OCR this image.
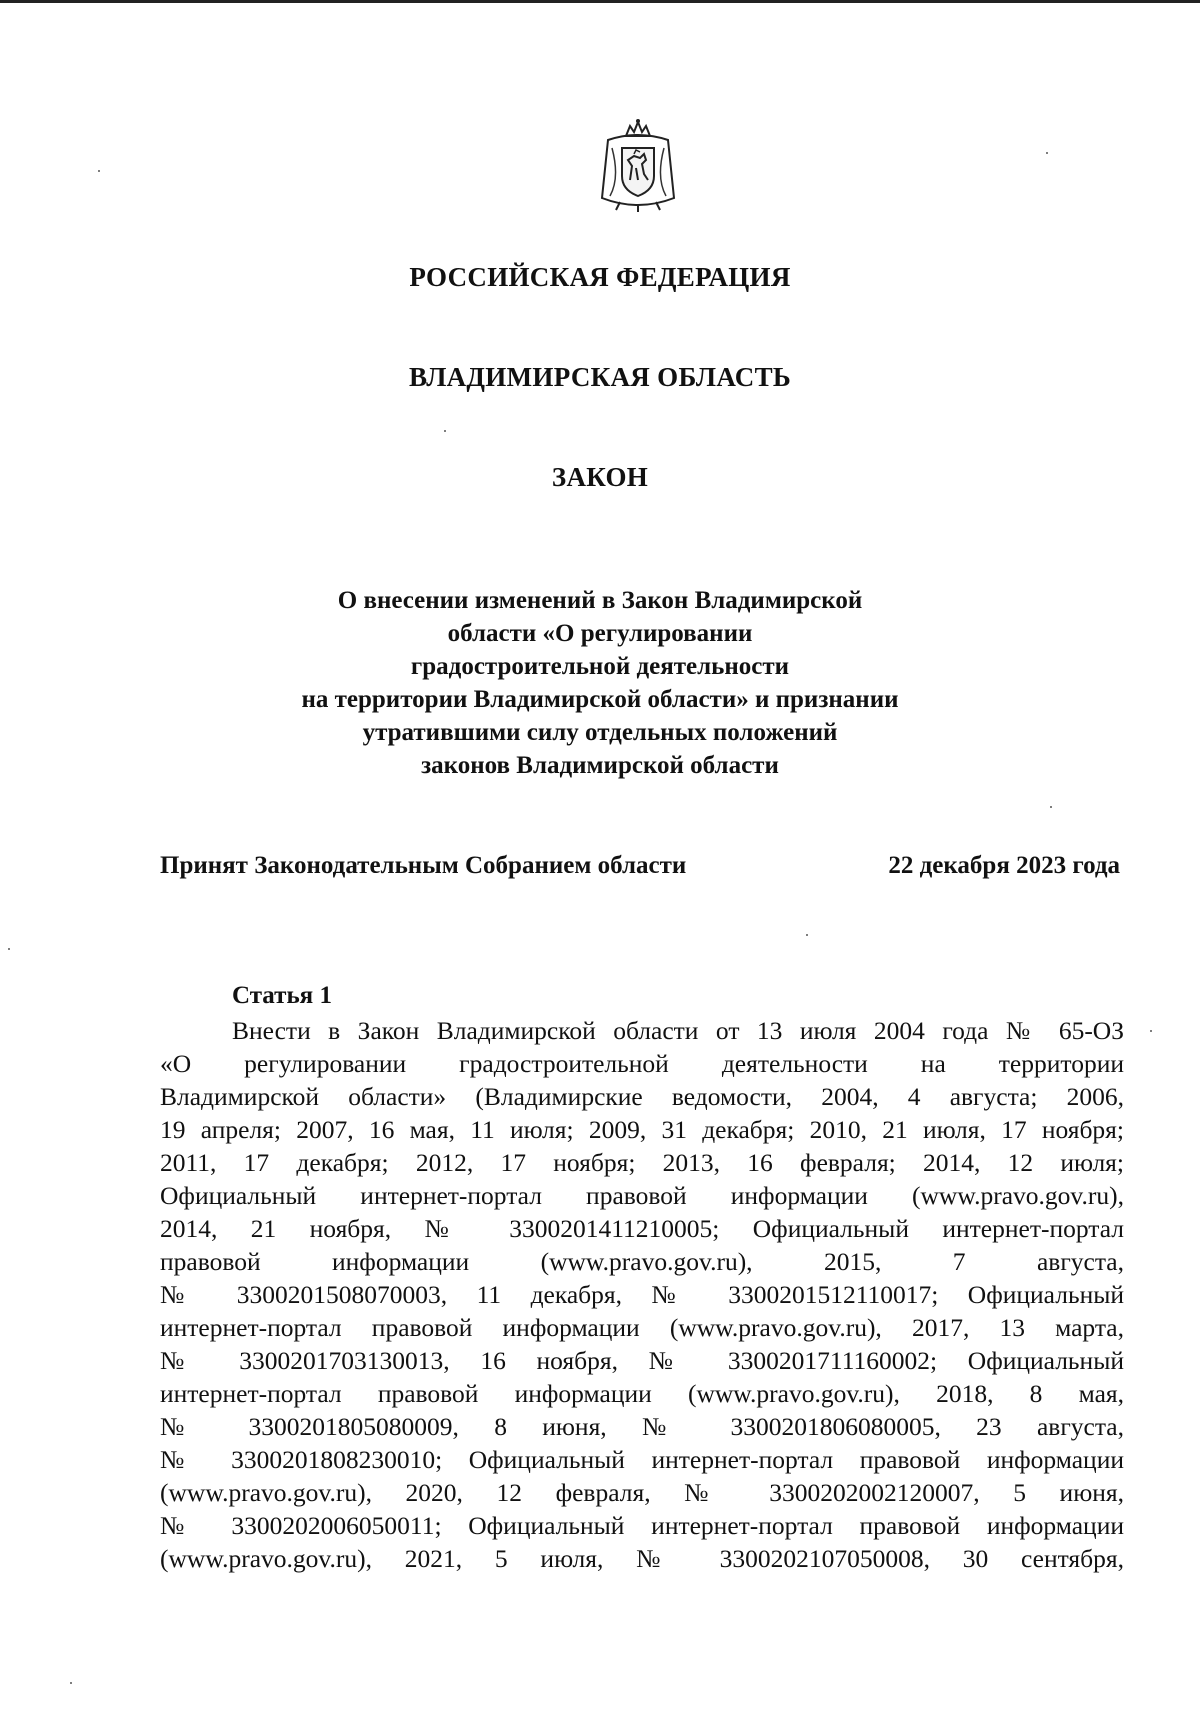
РОССИЙСКАЯ ФЕДЕРАЦИЯ
ВЛАДИМИРСКАЯ ОБЛАСТЬ
ЗАКОН
О внесении изменений в Закон Владимирской
области «О регулировании
градостроительной деятельности
на территории Владимирской области» и признании
утратившими силу отдельных положений
законов Владимирской области
Принят Законодательным Собранием области	22 декабря 2023 года
Статья 1
Внести в Закон Владимирской области от 13 июля 2004 года № 65-ОЗ
«О регулировании градостроительной деятельности на территории
Владимирской области» (Владимирские ведомости, 2004, 4 августа; 2006,
19 апреля; 2007, 16 мая, 11 июля; 2009, 31 декабря; 2010, 21 июля, 17 ноября;
2011, 17 декабря; 2012, 17 ноября; 2013, 16 февраля; 2014, 12 июля;
Официальный интернет-портал правовой информации (www.pravo.gov.ru),
2014, 21 ноября, № 3300201411210005; Официальный интернет-портал
правовой информации (www.pravo.gov.ru), 2015, 7 августа,
№ 3300201508070003, 11 декабря, № 3300201512110017; Официальный
интернет-портал правовой информации (www.pravo.gov.ru), 2017, 13 марта,
№ 3300201703130013, 16 ноября, № 3300201711160002; Официальный
интернет-портал правовой информации (www.pravo.gov.ru), 2018, 8 мая,
№ 3300201805080009, 8 июня, № 3300201806080005, 23 августа,
№ 3300201808230010; Официальный интернет-портал правовой информации
(www.pravo.gov.ru), 2020, 12 февраля, № 3300202002120007, 5 июня,
№ 3300202006050011; Официальный интернет-портал правовой информации
(www.pravo.gov.ru), 2021, 5 июля, № 3300202107050008, 30 сентября,
